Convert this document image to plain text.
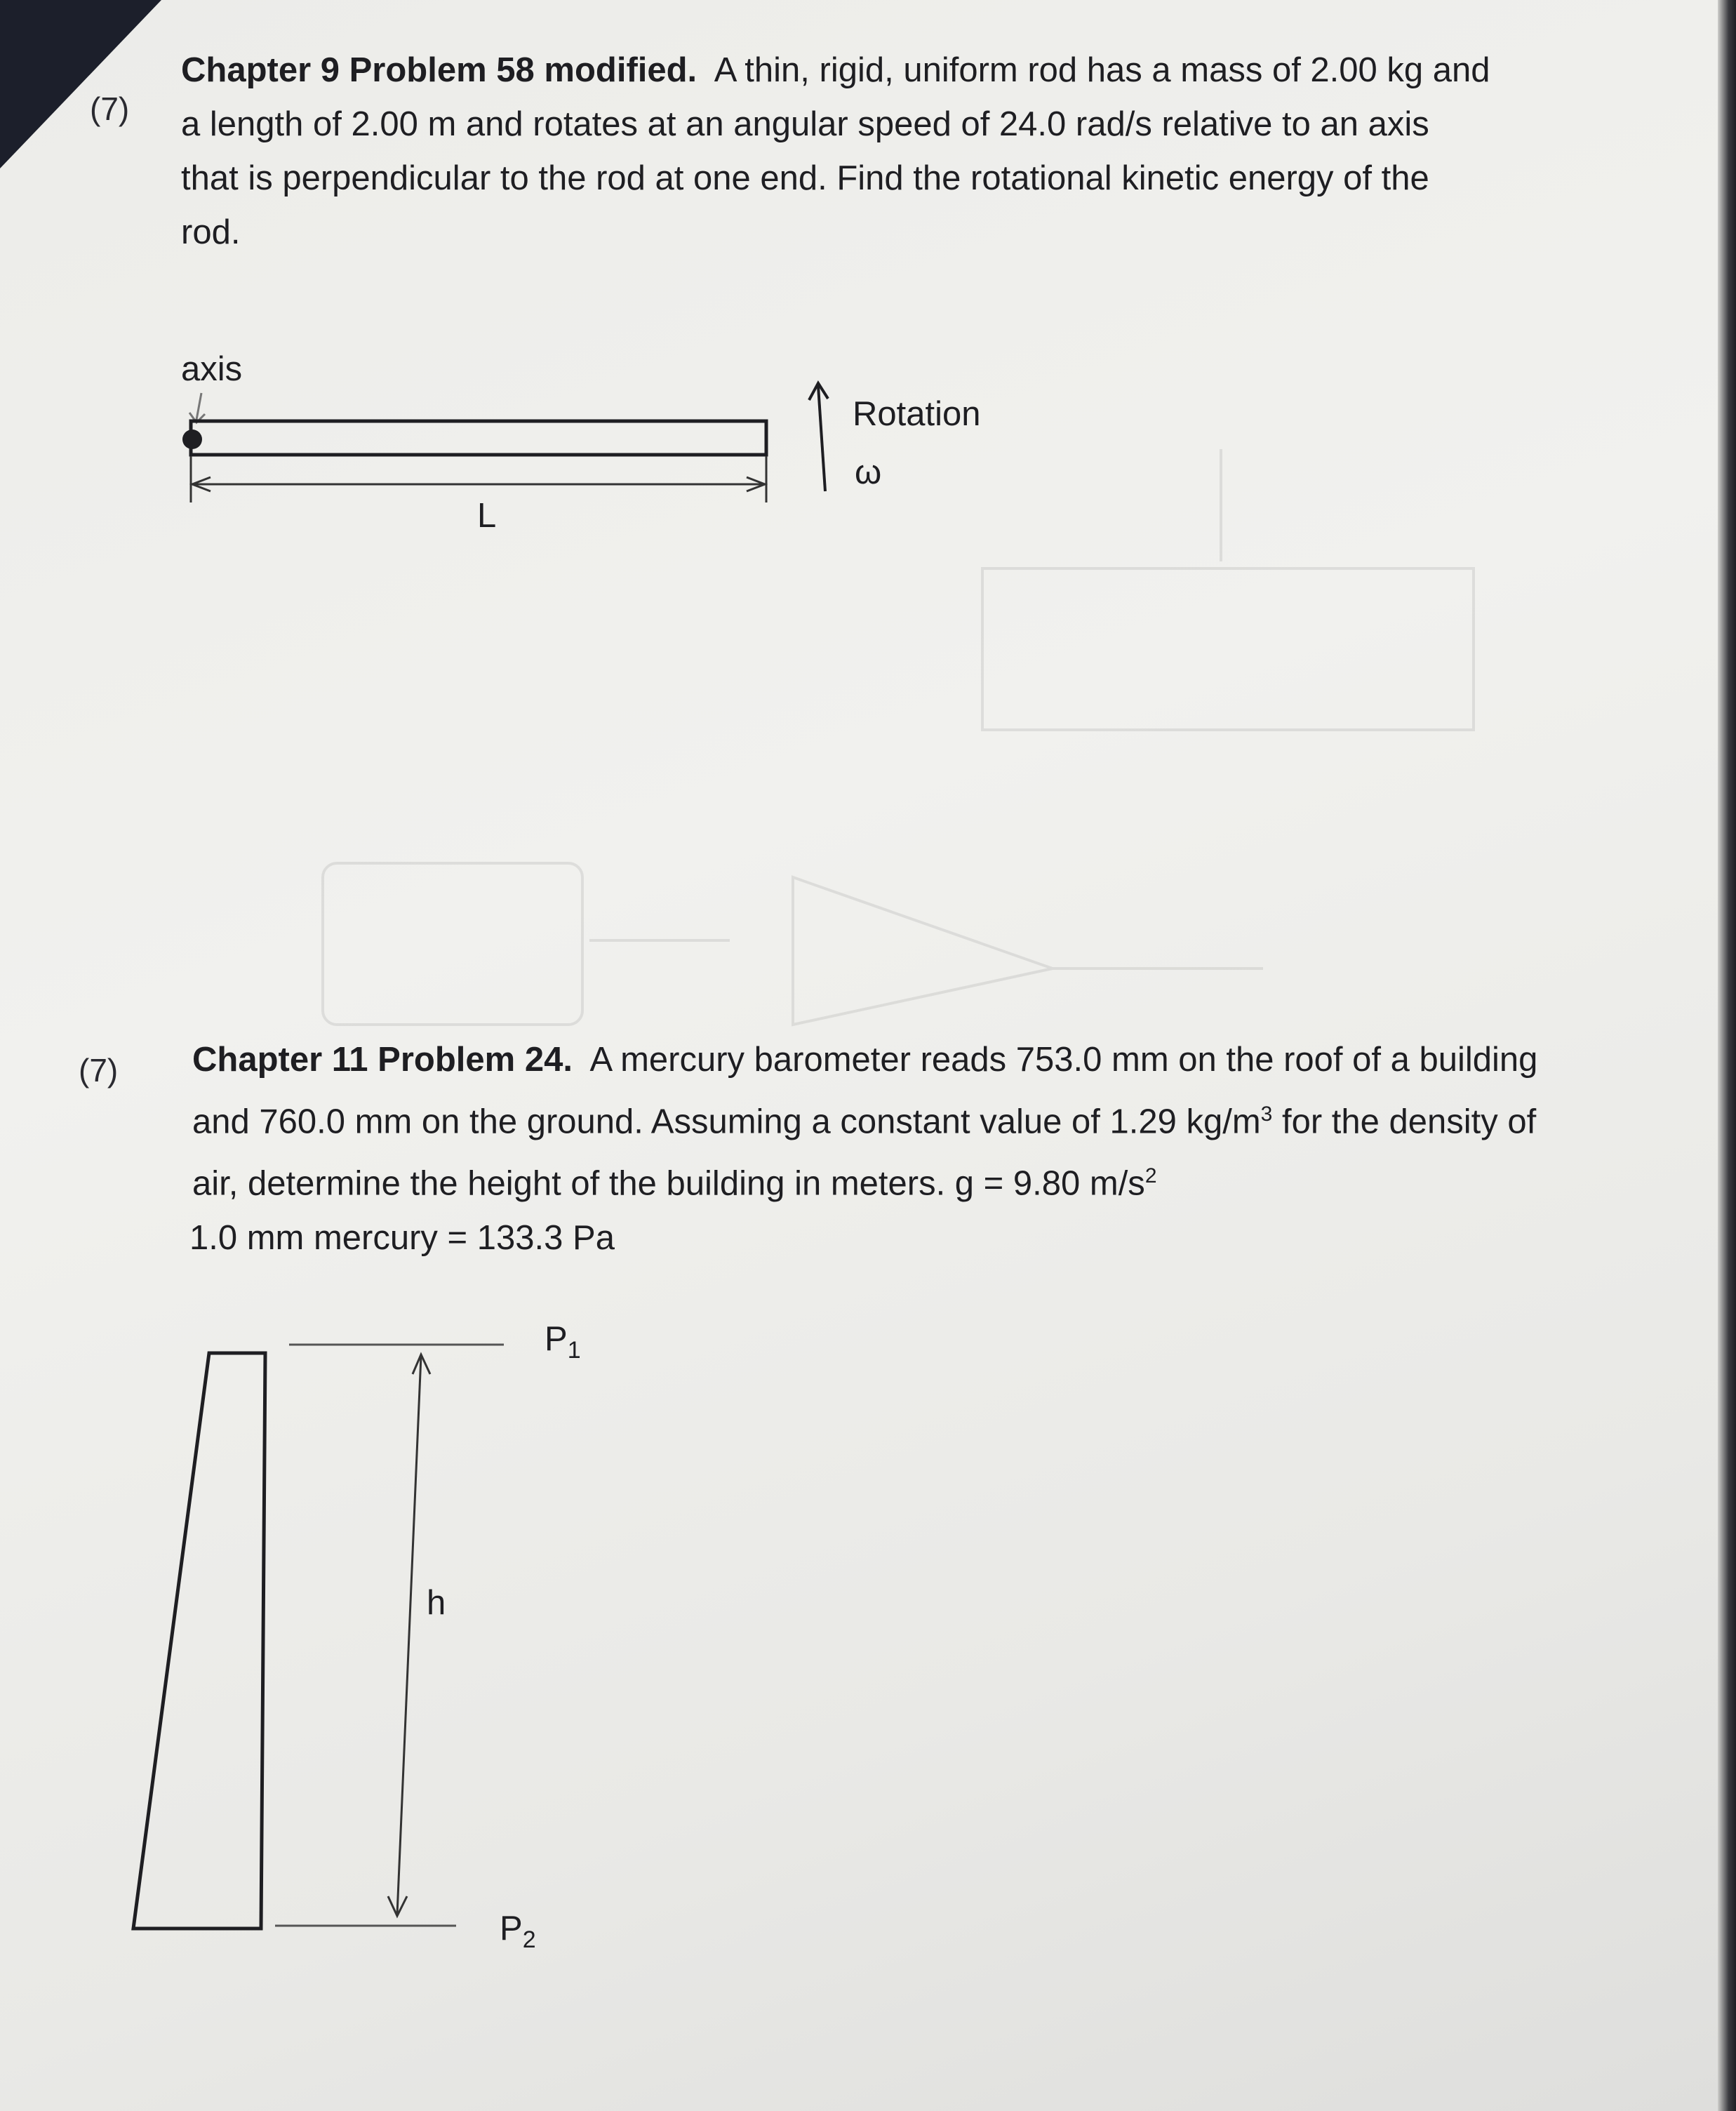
(7)

Chapter 9 Problem 58 modified. A thin, rigid, uniform rod has a mass of 2.00 kg and a length of 2.00 m and rotates at an angular speed of 24.0 rad/s relative to an axis that is perpendicular to the rod at one end. Find the rotational kinetic energy of the rod.

axis
L
Rotation
ω
(7) Chapter 11 Problem 24. A mercury barometer reads 753.0 mm on the roof of a building and 760.0 mm on the ground. Assuming a constant value of 1.29 $kg/m^3$ for the density of air, determine the height of the building in meters. g = 9.80 $m/s^2$

1.0 mm mercury = 133.3 Pa
$P_1$
$P_2$
h
